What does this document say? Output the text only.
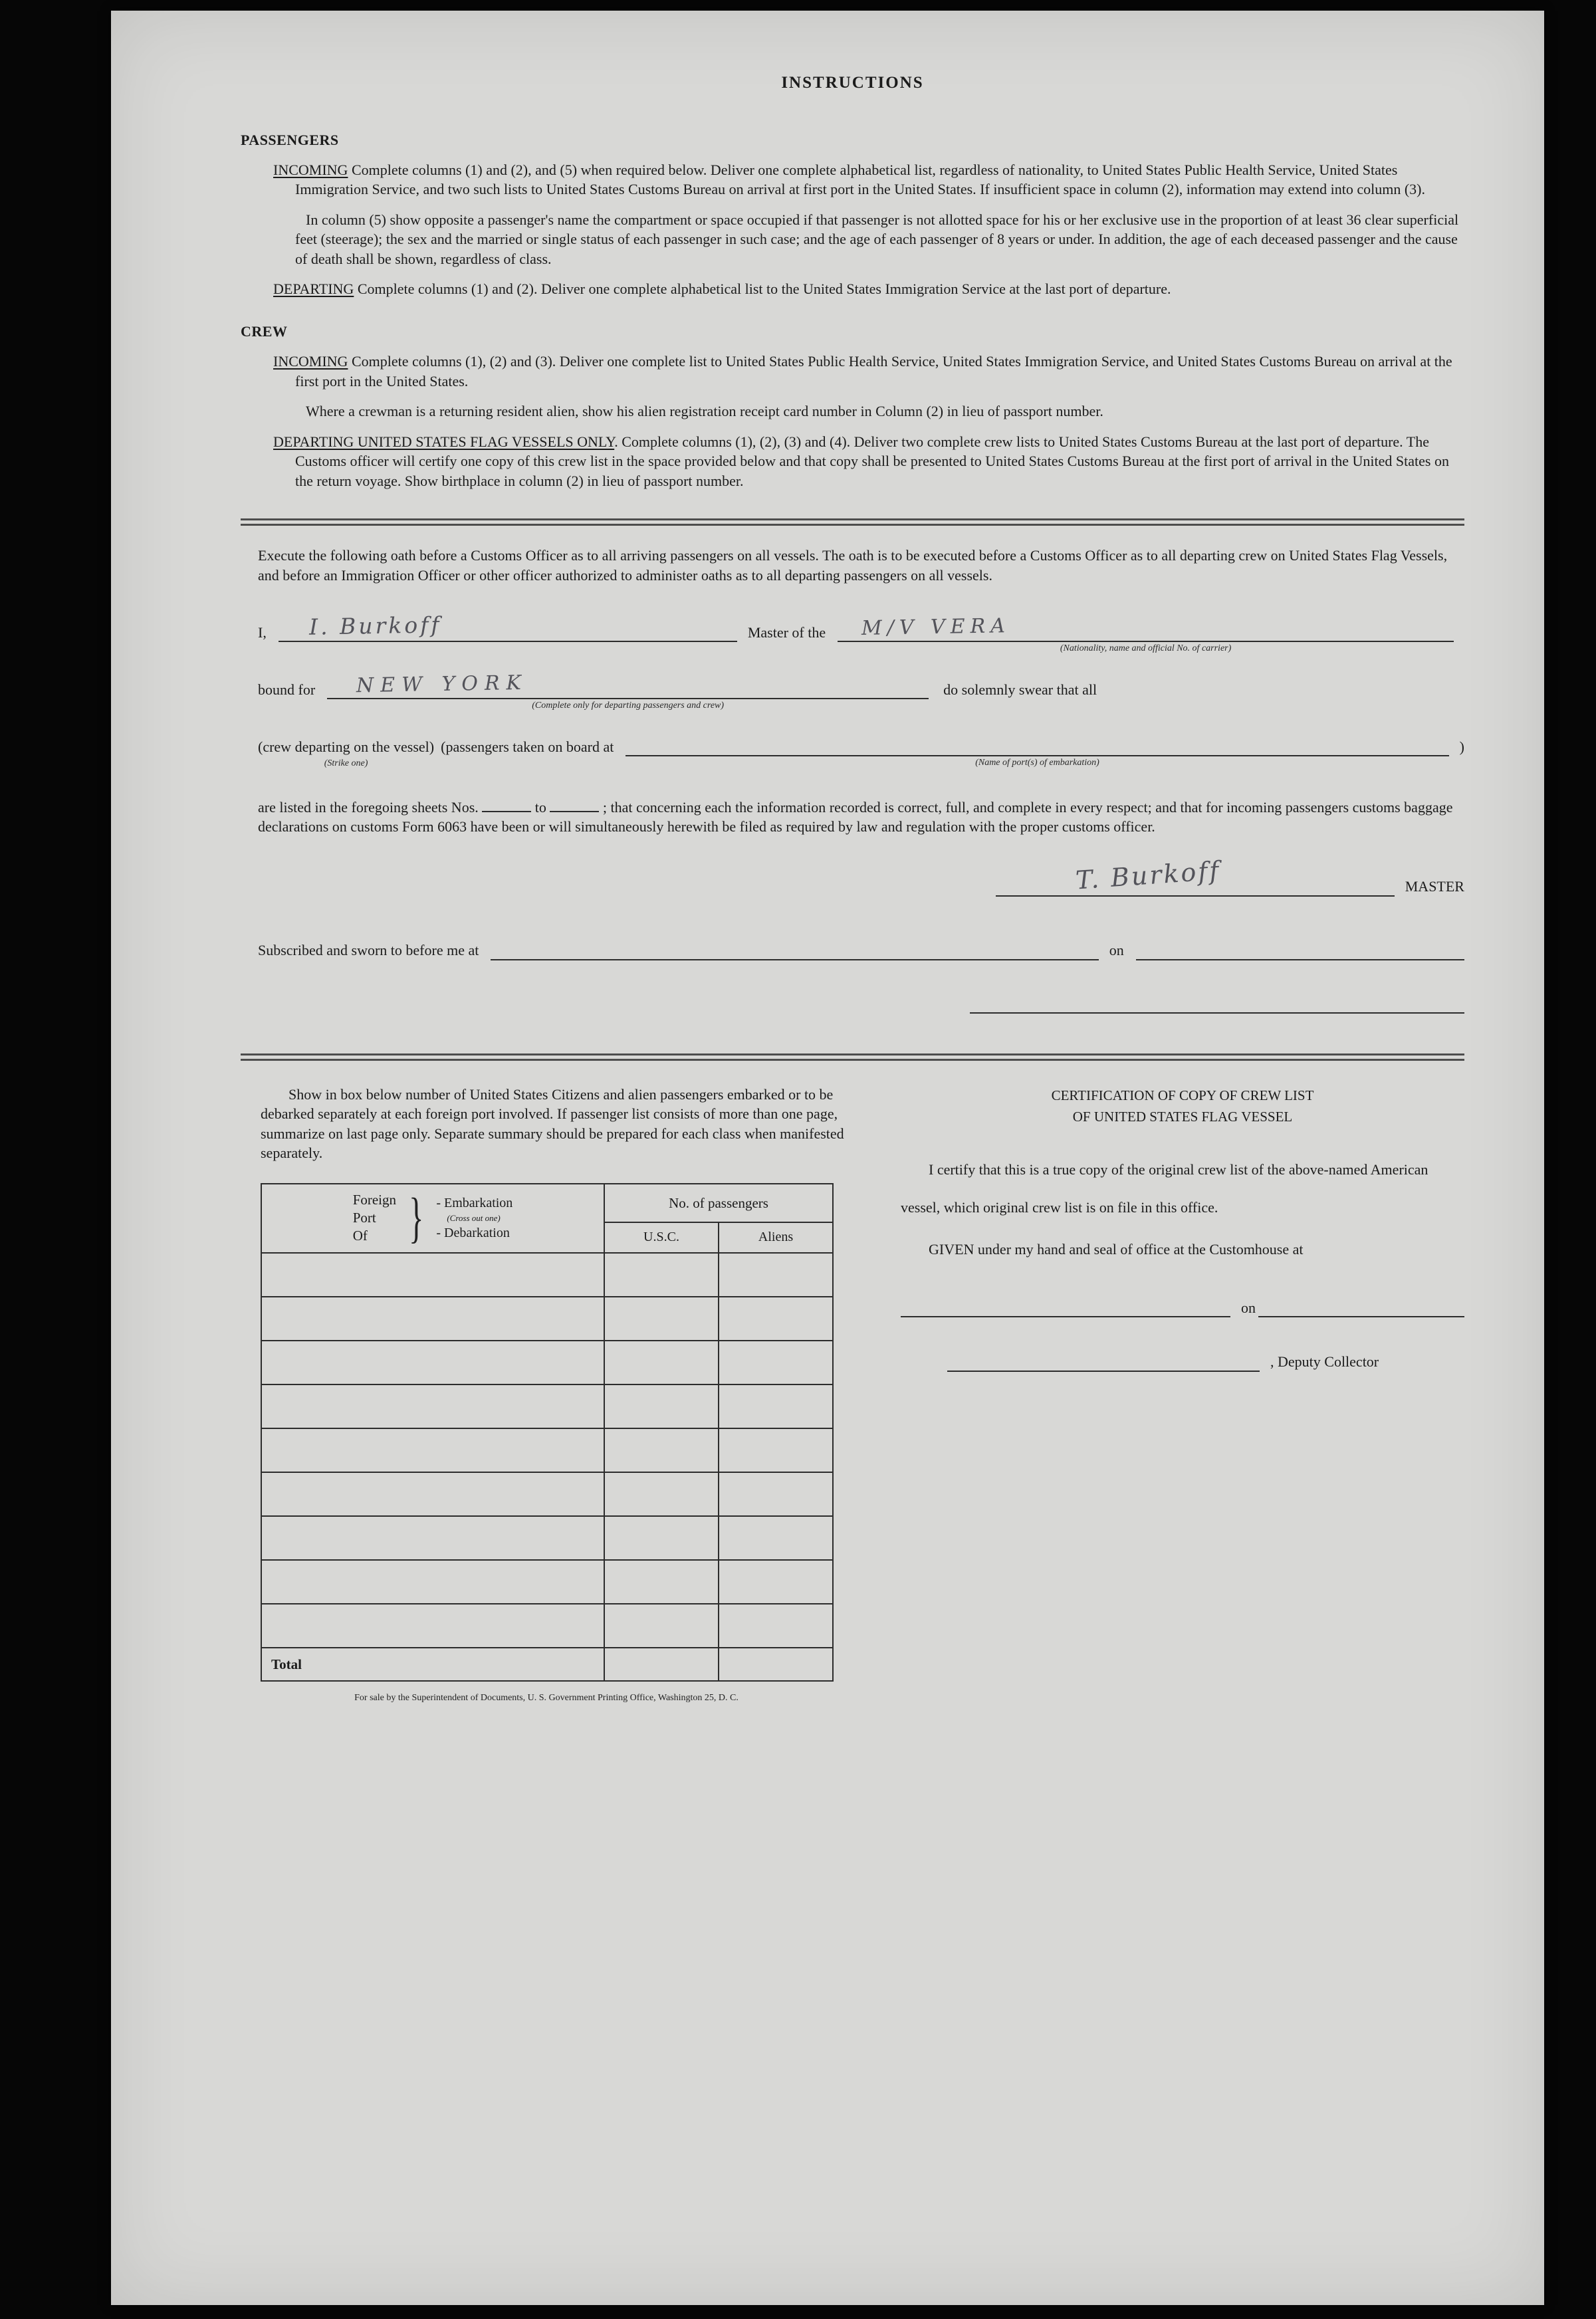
INSTRUCTIONS
PASSENGERS

INCOMING Complete columns (1) and (2), and (5) when required below. Deliver one complete alphabetical list, regardless of nationality, to United States Public Health Service, United States Immigration Service, and two such lists to United States Customs Bureau on arrival at first port in the United States. If insufficient space in column (2), information may extend into column (3).

In column (5) show opposite a passenger's name the compartment or space occupied if that passenger is not allotted space for his or her exclusive use in the proportion of at least 36 clear superficial feet (steerage); the sex and the married or single status of each passenger in such case; and the age of each passenger of 8 years or under. In addition, the age of each deceased passenger and the cause of death shall be shown, regardless of class.

DEPARTING Complete columns (1) and (2). Deliver one complete alphabetical list to the United States Immigration Service at the last port of departure.

CREW

INCOMING Complete columns (1), (2) and (3). Deliver one complete list to United States Public Health Service, United States Immigration Service, and United States Customs Bureau on arrival at the first port in the United States.

Where a crewman is a returning resident alien, show his alien registration receipt card number in Column (2) in lieu of passport number.

DEPARTING UNITED STATES FLAG VESSELS ONLY. Complete columns (1), (2), (3) and (4). Deliver two complete crew lists to United States Customs Bureau at the last port of departure. The Customs officer will certify one copy of this crew list in the space provided below and that copy shall be presented to United States Customs Bureau at the first port of arrival in the United States on the return voyage. Show birthplace in column (2) in lieu of passport number.

Execute the following oath before a Customs Officer as to all arriving passengers on all vessels. The oath is to be executed before a Customs Officer as to all departing crew on United States Flag Vessels, and before an Immigration Officer or other officer authorized to administer oaths as to all departing passengers on all vessels.

I, I. Burkoff	Master of the M/V VERA
(Nationality, name and official No. of carrier)
bound for NEW YORK
(Complete only for departing passengers and crew)
do solemnly swear that all
(crew departing on the vessel)
(Strike one)
(passengers taken on board at
(Name of port(s) of embarkation)
)

are listed in the foregoing sheets Nos.	to	; that concerning each the information recorded is correct, full, and complete in every respect; and that for incoming passengers customs baggage declarations on customs Form 6063 have been or will simultaneously herewith be filed as required by law and regulation with the proper customs officer.

T. Burkoff	MASTER
Subscribed and sworn to before me at	on

Show in box below number of United States Citizens and alien passengers embarked or to be debarked separately at each foreign port involved. If passenger list consists of more than one page, summarize on last page only. Separate summary should be prepared for each class when manifested separately.

Foreign
Port
Of } - Embarkation
(Cross out one)
- Debarkation
	No. of passengers
	U.S.C.	Aliens

Total		

For sale by the Superintendent of Documents, U. S. Government Printing Office, Washington 25, D. C.

CERTIFICATION OF COPY OF CREW LIST
OF UNITED STATES FLAG VESSEL

I certify that this is a true copy of the original crew list of the above-named American vessel, which original crew list is on file in this office.

GIVEN under my hand and seal of office at the Customhouse at

on
, Deputy Collector
